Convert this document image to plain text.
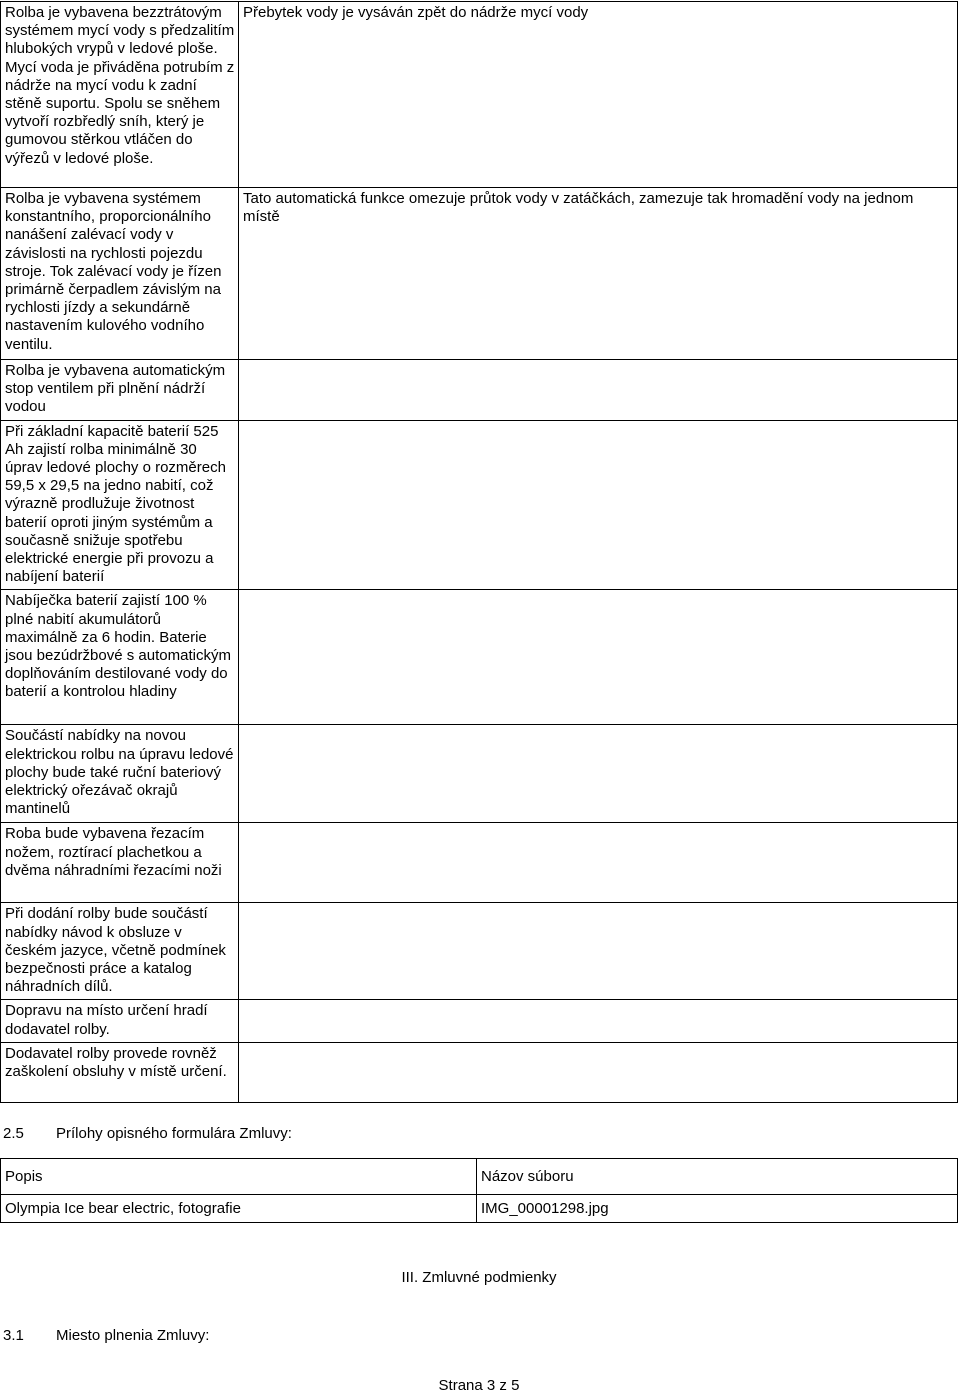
Rolba je vybavena bezztrátovým systémem mycí vody s předzalitím hlubokých vrypů v ledové ploše. Mycí voda je přiváděna potrubím z nádrže na mycí vodu k zadní stěně suportu. Spolu se sněhem vytvoří rozbředlý sníh, který je gumovou stěrkou vtláčen do výřezů v ledové ploše.	Přebytek vody je vysáván zpět do nádrže mycí vody
Rolba je vybavena systémem konstantního, proporcionálního nanášení zalévací vody v závislosti na rychlosti pojezdu stroje. Tok zalévací vody je řízen primárně čerpadlem závislým na rychlosti jízdy a sekundárně nastavením kulového vodního ventilu.	Tato automatická funkce omezuje průtok vody v zatáčkách, zamezuje tak hromadění vody na jednom místě
Rolba je vybavena automatickým stop ventilem při plnění nádrží vodou	
Při základní kapacitě baterií 525 Ah zajistí rolba minimálně 30 úprav ledové plochy o rozměrech 59,5 x 29,5 na jedno nabití, což výrazně prodlužuje životnost baterií oproti jiným systémům a současně snižuje spotřebu elektrické energie při provozu a nabíjení baterií	
Nabíječka baterií zajistí 100 % plné nabití akumulátorů maximálně za 6 hodin. Baterie jsou bezúdržbové s automatickým doplňováním destilované vody do baterií a kontrolou hladiny	
Součástí nabídky na novou elektrickou rolbu na úpravu ledové plochy bude také ruční bateriový elektrický ořezávač okrajů mantinelů	
Roba bude vybavena řezacím nožem, roztírací plachetkou a dvěma náhradními řezacími noži	
Při dodání rolby bude součástí nabídky návod k obsluze v českém jazyce, včetně podmínek bezpečnosti práce a katalog náhradních dílů.	
Dopravu na místo určení hradí dodavatel rolby.	
Dodavatel rolby provede rovněž zaškolení obsluhy v místě určení.	
2.5 Prílohy opisného formulára Zmluvy:
Popis	Názov súboru
Olympia Ice bear electric, fotografie	IMG_00001298.jpg
III. Zmluvné podmienky
3.1 Miesto plnenia Zmluvy:
Strana 3 z 5
